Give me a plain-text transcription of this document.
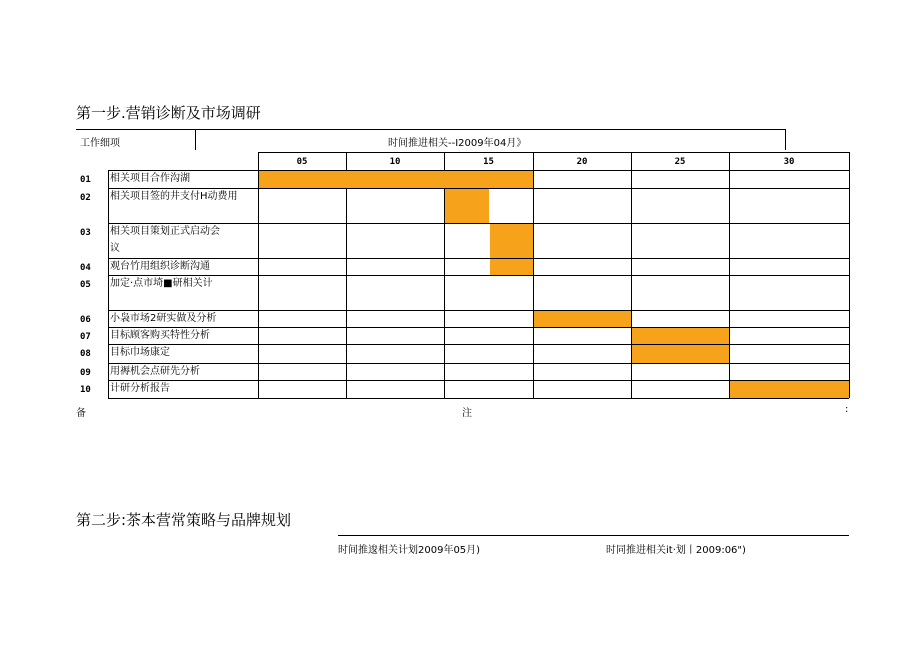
第一步.营销诊断及市场调研
工作细项	时间推进相关--I2009年04月》
05	10	15	20	25	30
01 相关项目合作沟湖
02 相关项目签的井支付H动费用
03 相关项目策划正式启动会
议
04 观台竹用组织诊断沟通
05 加定·点市埼■研相关计
06 小袅市场2研实做及分析
07 目标顾客购买特性分析
08 目标巾场康定
09 用褥机会点研先分析
10 计研分析报告
备	注	:
第二步:茶本营常策略与品牌规划
时间推逡相关计划2009年05月)	时同推进相关it·划丨2009:06")
